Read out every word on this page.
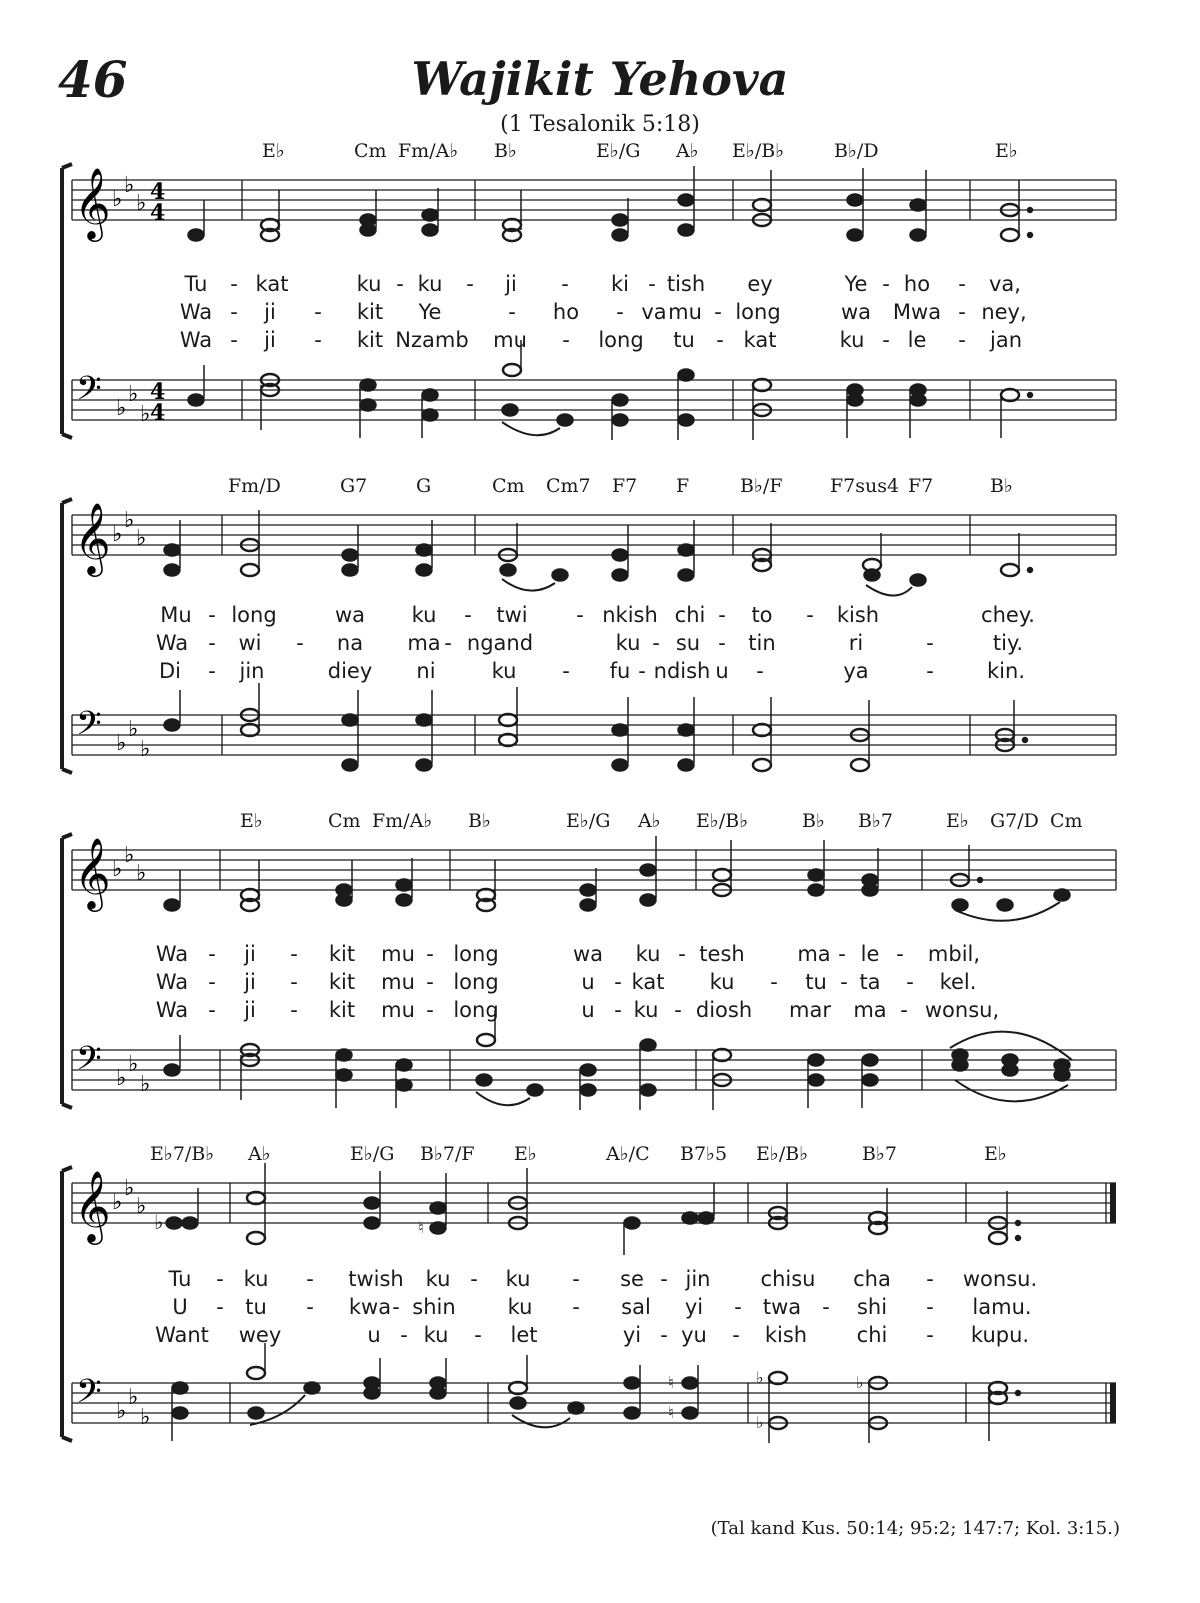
46	Wajikit Yehova
(1 Tesalonik 5:18)
E♭	Cm Fm/A♭ B♭	E♭/G A♭ E♭/B♭	B♭/D	E♭
𝄞
𝄢
♭
♭
♭
♭
♭
♭
4
4
4
4
Tu - kat	ku - ku - ji - ki - tish ey	Ye - ho - va,
Wa - ji - kit Ye	- ho - va mu - long	wa Mwa - ney,
Wa - ji - kit Nzamb mu - long tu - kat	ku - le - jan
Fm/D	G7	G	Cm Cm7 F7 F	B♭/F F7sus4 F7	B♭
𝄞
𝄢
♭
♭
♭
♭
♭
♭
Mu - long	wa ku - twi - nkish chi - to - kish	chey.
Wa - wi - na ma - ngand	ku - su - tin	ri	-	tiy.
Di - jin	diey ni	ku - fu - ndish u -	ya	-	kin.
E♭	Cm Fm/A♭ B♭	E♭/G A♭ E♭/B♭	B♭ B♭7	E♭ G7/D Cm
𝄞
𝄢
♭
♭
♭
♭
♭
♭
Wa - ji - kit mu - long	wa ku - tesh	ma - le - mbil,
Wa - ji - kit mu - long	u - kat ku - tu - ta - kel.
Wa - ji - kit mu - long	u - ku - diosh mar ma - wonsu,
E♭7/B♭ A♭	E♭/G B♭7/F E♭	A♭/C B7♭5 E♭/B♭	B♭7	E♭
𝄞
𝄢
♭
♭
♭
♭
♭
♭
♭	♮
♮
♮
♭
♭
♭
Tu - ku - twish ku - ku - se - jin chisu cha - wonsu.
U - tu - kwa - shin ku - sal yi - twa - shi - lamu.
Want wey	u - ku - let	yi - yu - kish chi - kupu.
(Tal kand Kus. 50:14; 95:2; 147:7; Kol. 3:15.)
